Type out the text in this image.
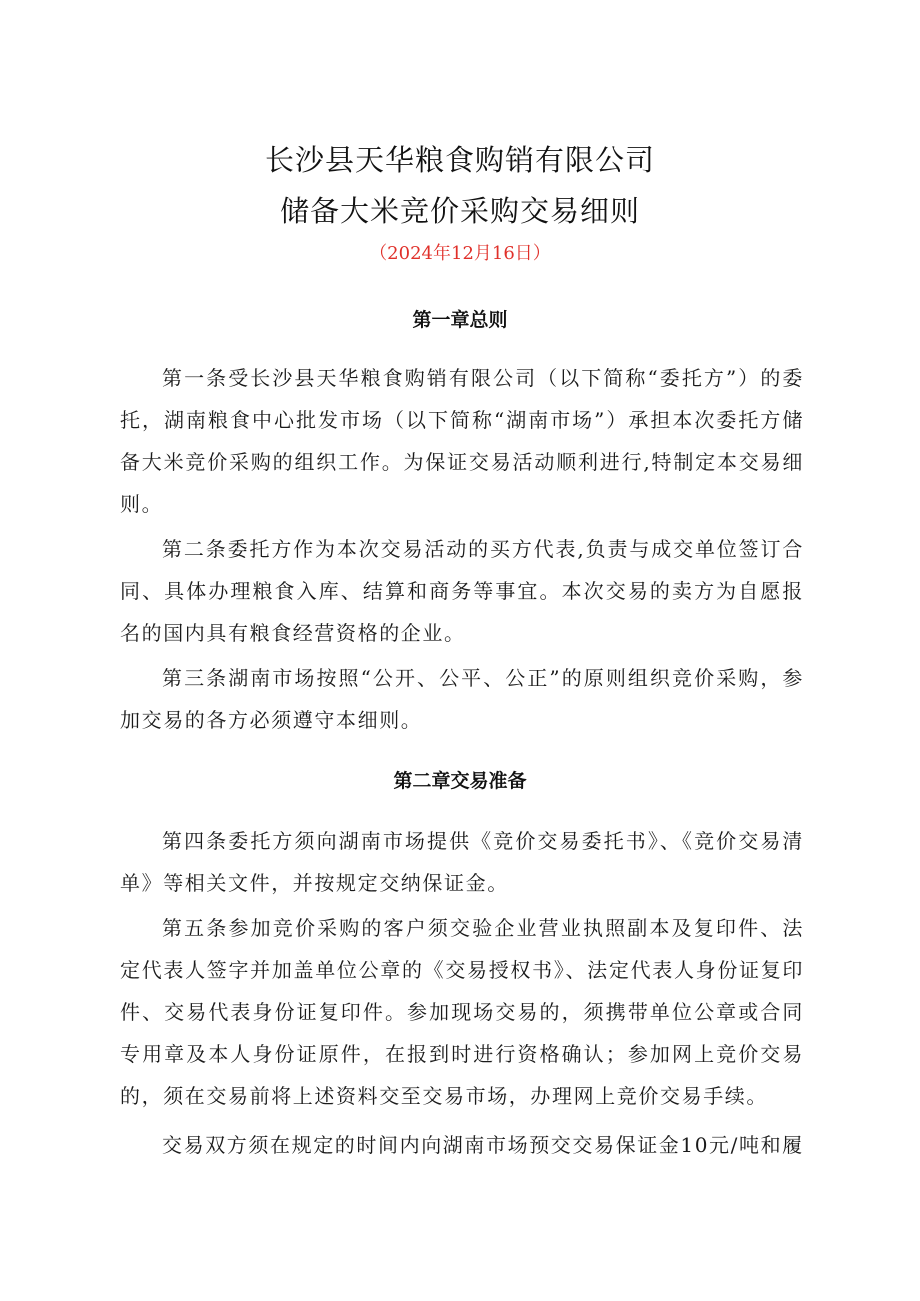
长沙县天华粮食购销有限公司
储备大米竞价采购交易细则
（2024年12月16日）
第一章总则

第一条受长沙县天华粮食购销有限公司（以下简称“委托方”）的委托，湖南粮食中心批发市场（以下简称“湖南市场”）承担本次委托方储备大米竞价采购的组织工作。为保证交易活动顺利进行,特制定本交易细则。

第二条委托方作为本次交易活动的买方代表,负责与成交单位签订合同、具体办理粮食入库、结算和商务等事宜。本次交易的卖方为自愿报名的国内具有粮食经营资格的企业。

第三条湖南市场按照“公开、公平、公正”的原则组织竞价采购，参加交易的各方必须遵守本细则。

第二章交易准备

第四条委托方须向湖南市场提供《竞价交易委托书》、《竞价交易清单》等相关文件，并按规定交纳保证金。

第五条参加竞价采购的客户须交验企业营业执照副本及复印件、法定代表人签字并加盖单位公章的《交易授权书》、法定代表人身份证复印件、交易代表身份证复印件。参加现场交易的，须携带单位公章或合同专用章及本人身份证原件，在报到时进行资格确认；参加网上竞价交易的，须在交易前将上述资料交至交易市场，办理网上竞价交易手续。

交易双方须在规定的时间内向湖南市场预交交易保证金10元/吨和履
